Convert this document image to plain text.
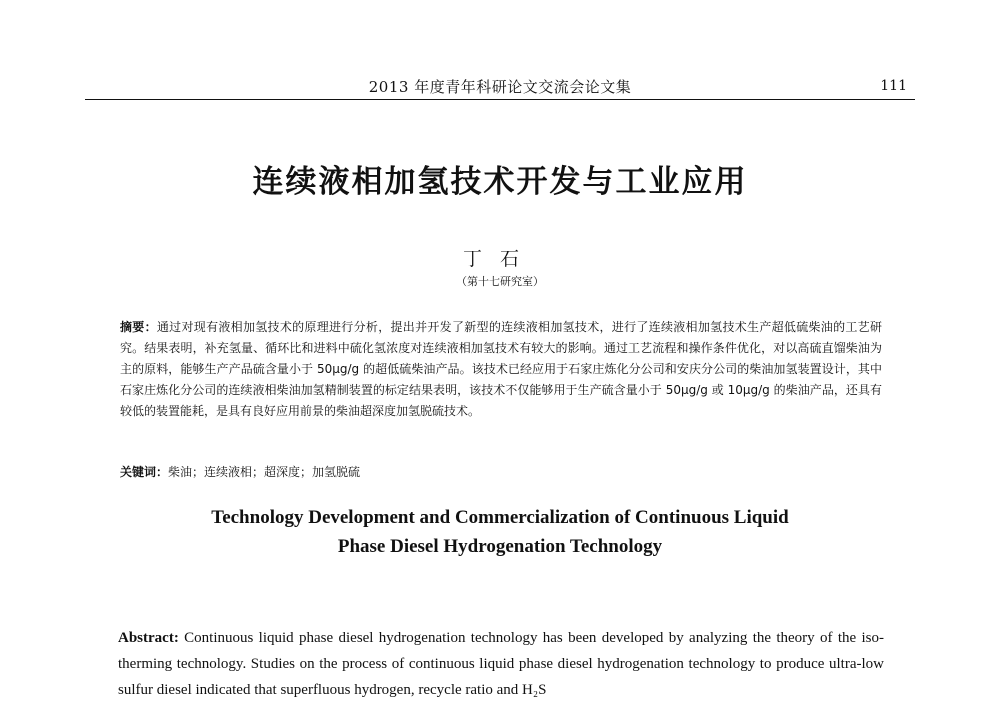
2013 年度青年科研论文交流会论文集	111
连续液相加氢技术开发与工业应用
丁石
（第十七研究室）
摘要：通过对现有液相加氢技术的原理进行分析，提出并开发了新型的连续液相加氢技术，进行了连续液相加氢技术生产超低硫柴油的工艺研究。结果表明，补充氢量、循环比和进料中硫化氢浓度对连续液相加氢技术有较大的影响。通过工艺流程和操作条件优化，对以高硫直馏柴油为主的原料，能够生产产品硫含量小于 50μg/g 的超低硫柴油产品。该技术已经应用于石家庄炼化分公司和安庆分公司的柴油加氢装置设计，其中石家庄炼化分公司的连续液相柴油加氢精制装置的标定结果表明，该技术不仅能够用于生产硫含量小于 50μg/g 或 10μg/g 的柴油产品，还具有较低的装置能耗，是具有良好应用前景的柴油超深度加氢脱硫技术。
关键词：柴油；连续液相；超深度；加氢脱硫
Technology Development and Commercialization of Continuous Liquid
Phase Diesel Hydrogenation Technology
Abstract: Continuous liquid phase diesel hydrogenation technology has been developed by analyzing the theory of the iso-therming technology. Studies on the process of continuous liquid phase diesel hydrogenation technology to produce ultra-low sulfur diesel indicated that superfluous hydrogen, recycle ratio and H₂S
